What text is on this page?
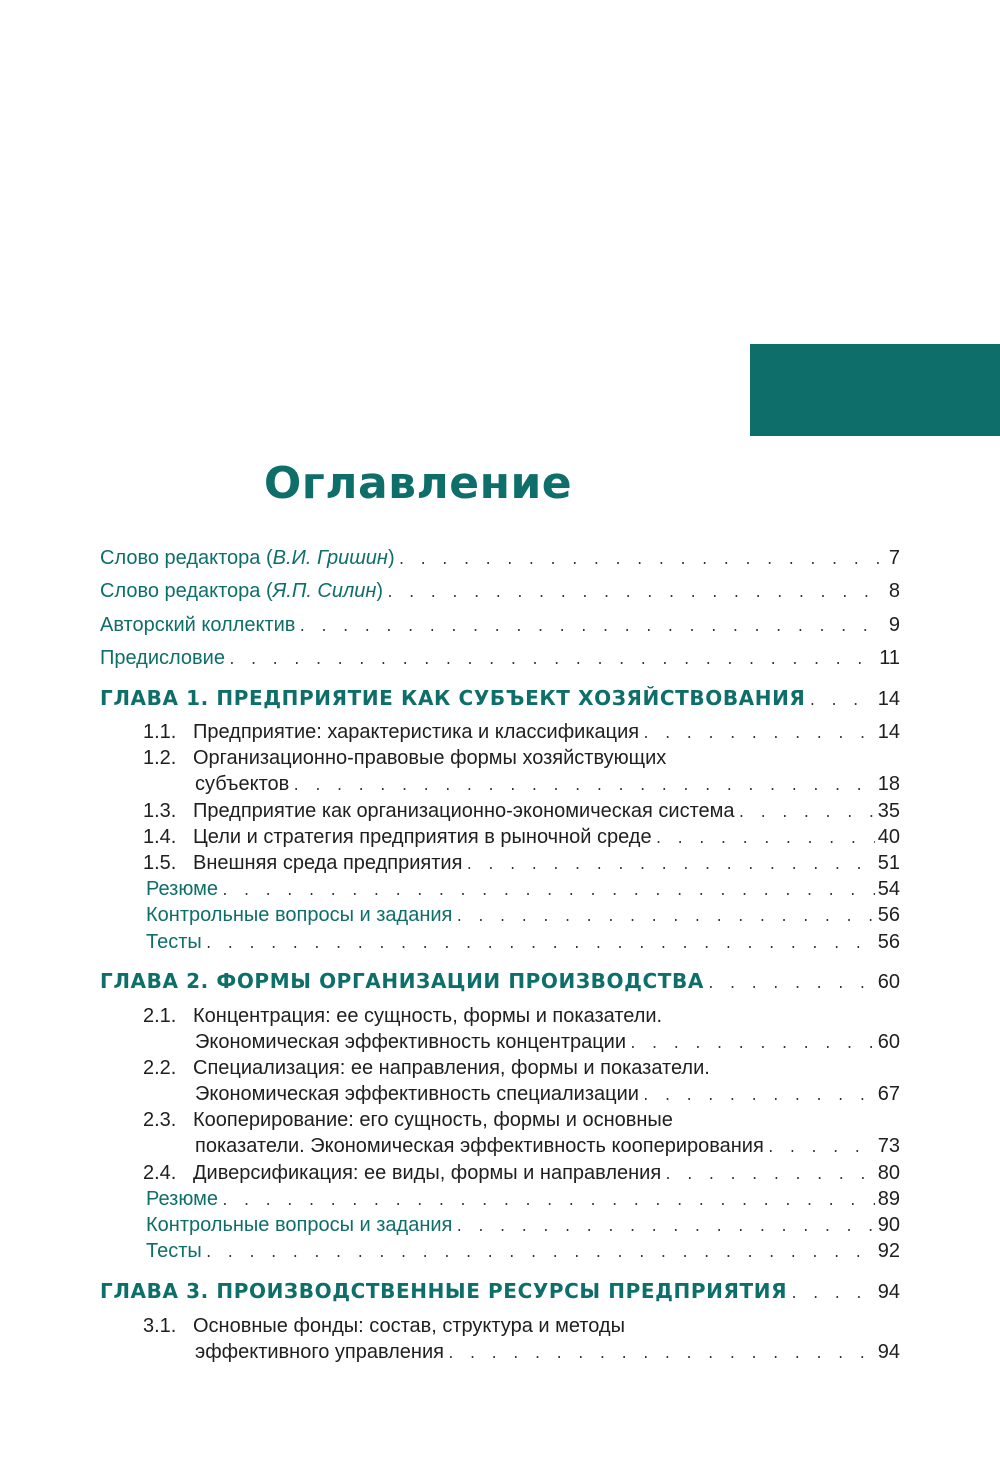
Оглавление
Слово редактора (В.И. Гришин) . . .	7
Слово редактора (Я.П. Силин) . . .	8
Авторский коллектив . . .	9
Предисловие . . .	11
ГЛАВА 1. ПРЕДПРИЯТИЕ КАК СУБЪЕКТ ХОЗЯЙСТВОВАНИЯ . . .	14
1.1. Предприятие: характеристика и классификация . . .	14
1.2. Организационно-правовые формы хозяйствующих
субъектов . . .	18
1.3. Предприятие как организационно-экономическая система . . .	35
1.4. Цели и стратегия предприятия в рыночной среде . . .	40
1.5. Внешняя среда предприятия . . .	51
Резюме . . .	54
Контрольные вопросы и задания . . .	56
Тесты . . .	56
ГЛАВА 2. ФОРМЫ ОРГАНИЗАЦИИ ПРОИЗВОДСТВА . . .	60
2.1. Концентрация: ее сущность, формы и показатели.
Экономическая эффективность концентрации . . .	60
2.2. Специализация: ее направления, формы и показатели.
Экономическая эффективность специализации . . .	67
2.3. Кооперирование: его сущность, формы и основные
показатели. Экономическая эффективность кооперирования . . .	73
2.4. Диверсификация: ее виды, формы и направления . . .	80
Резюме . . .	89
Контрольные вопросы и задания . . .	90
Тесты . . .	92
ГЛАВА 3. ПРОИЗВОДСТВЕННЫЕ РЕСУРСЫ ПРЕДПРИЯТИЯ . . .	94
3.1. Основные фонды: состав, структура и методы
эффективного управления . . .	94
